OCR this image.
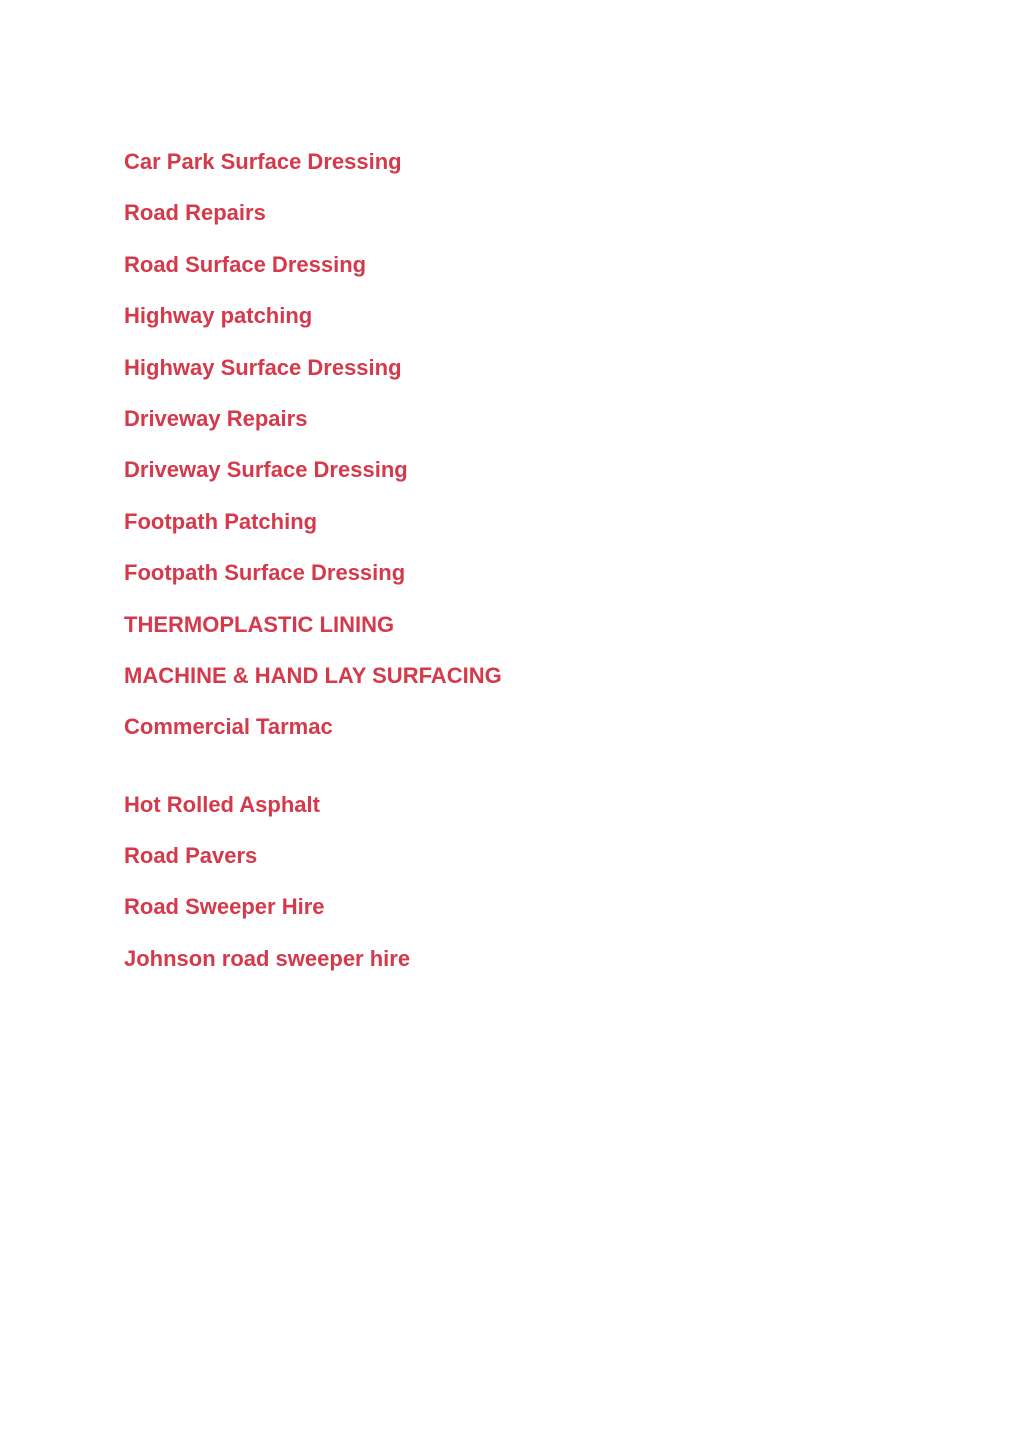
Car Park Surface Dressing
Road Repairs
Road Surface Dressing
Highway patching
Highway Surface Dressing
Driveway Repairs
Driveway Surface Dressing
Footpath Patching
Footpath Surface Dressing
THERMOPLASTIC LINING
MACHINE & HAND LAY SURFACING
Commercial Tarmac
Hot Rolled Asphalt
Road Pavers
Road Sweeper Hire
Johnson road sweeper hire
